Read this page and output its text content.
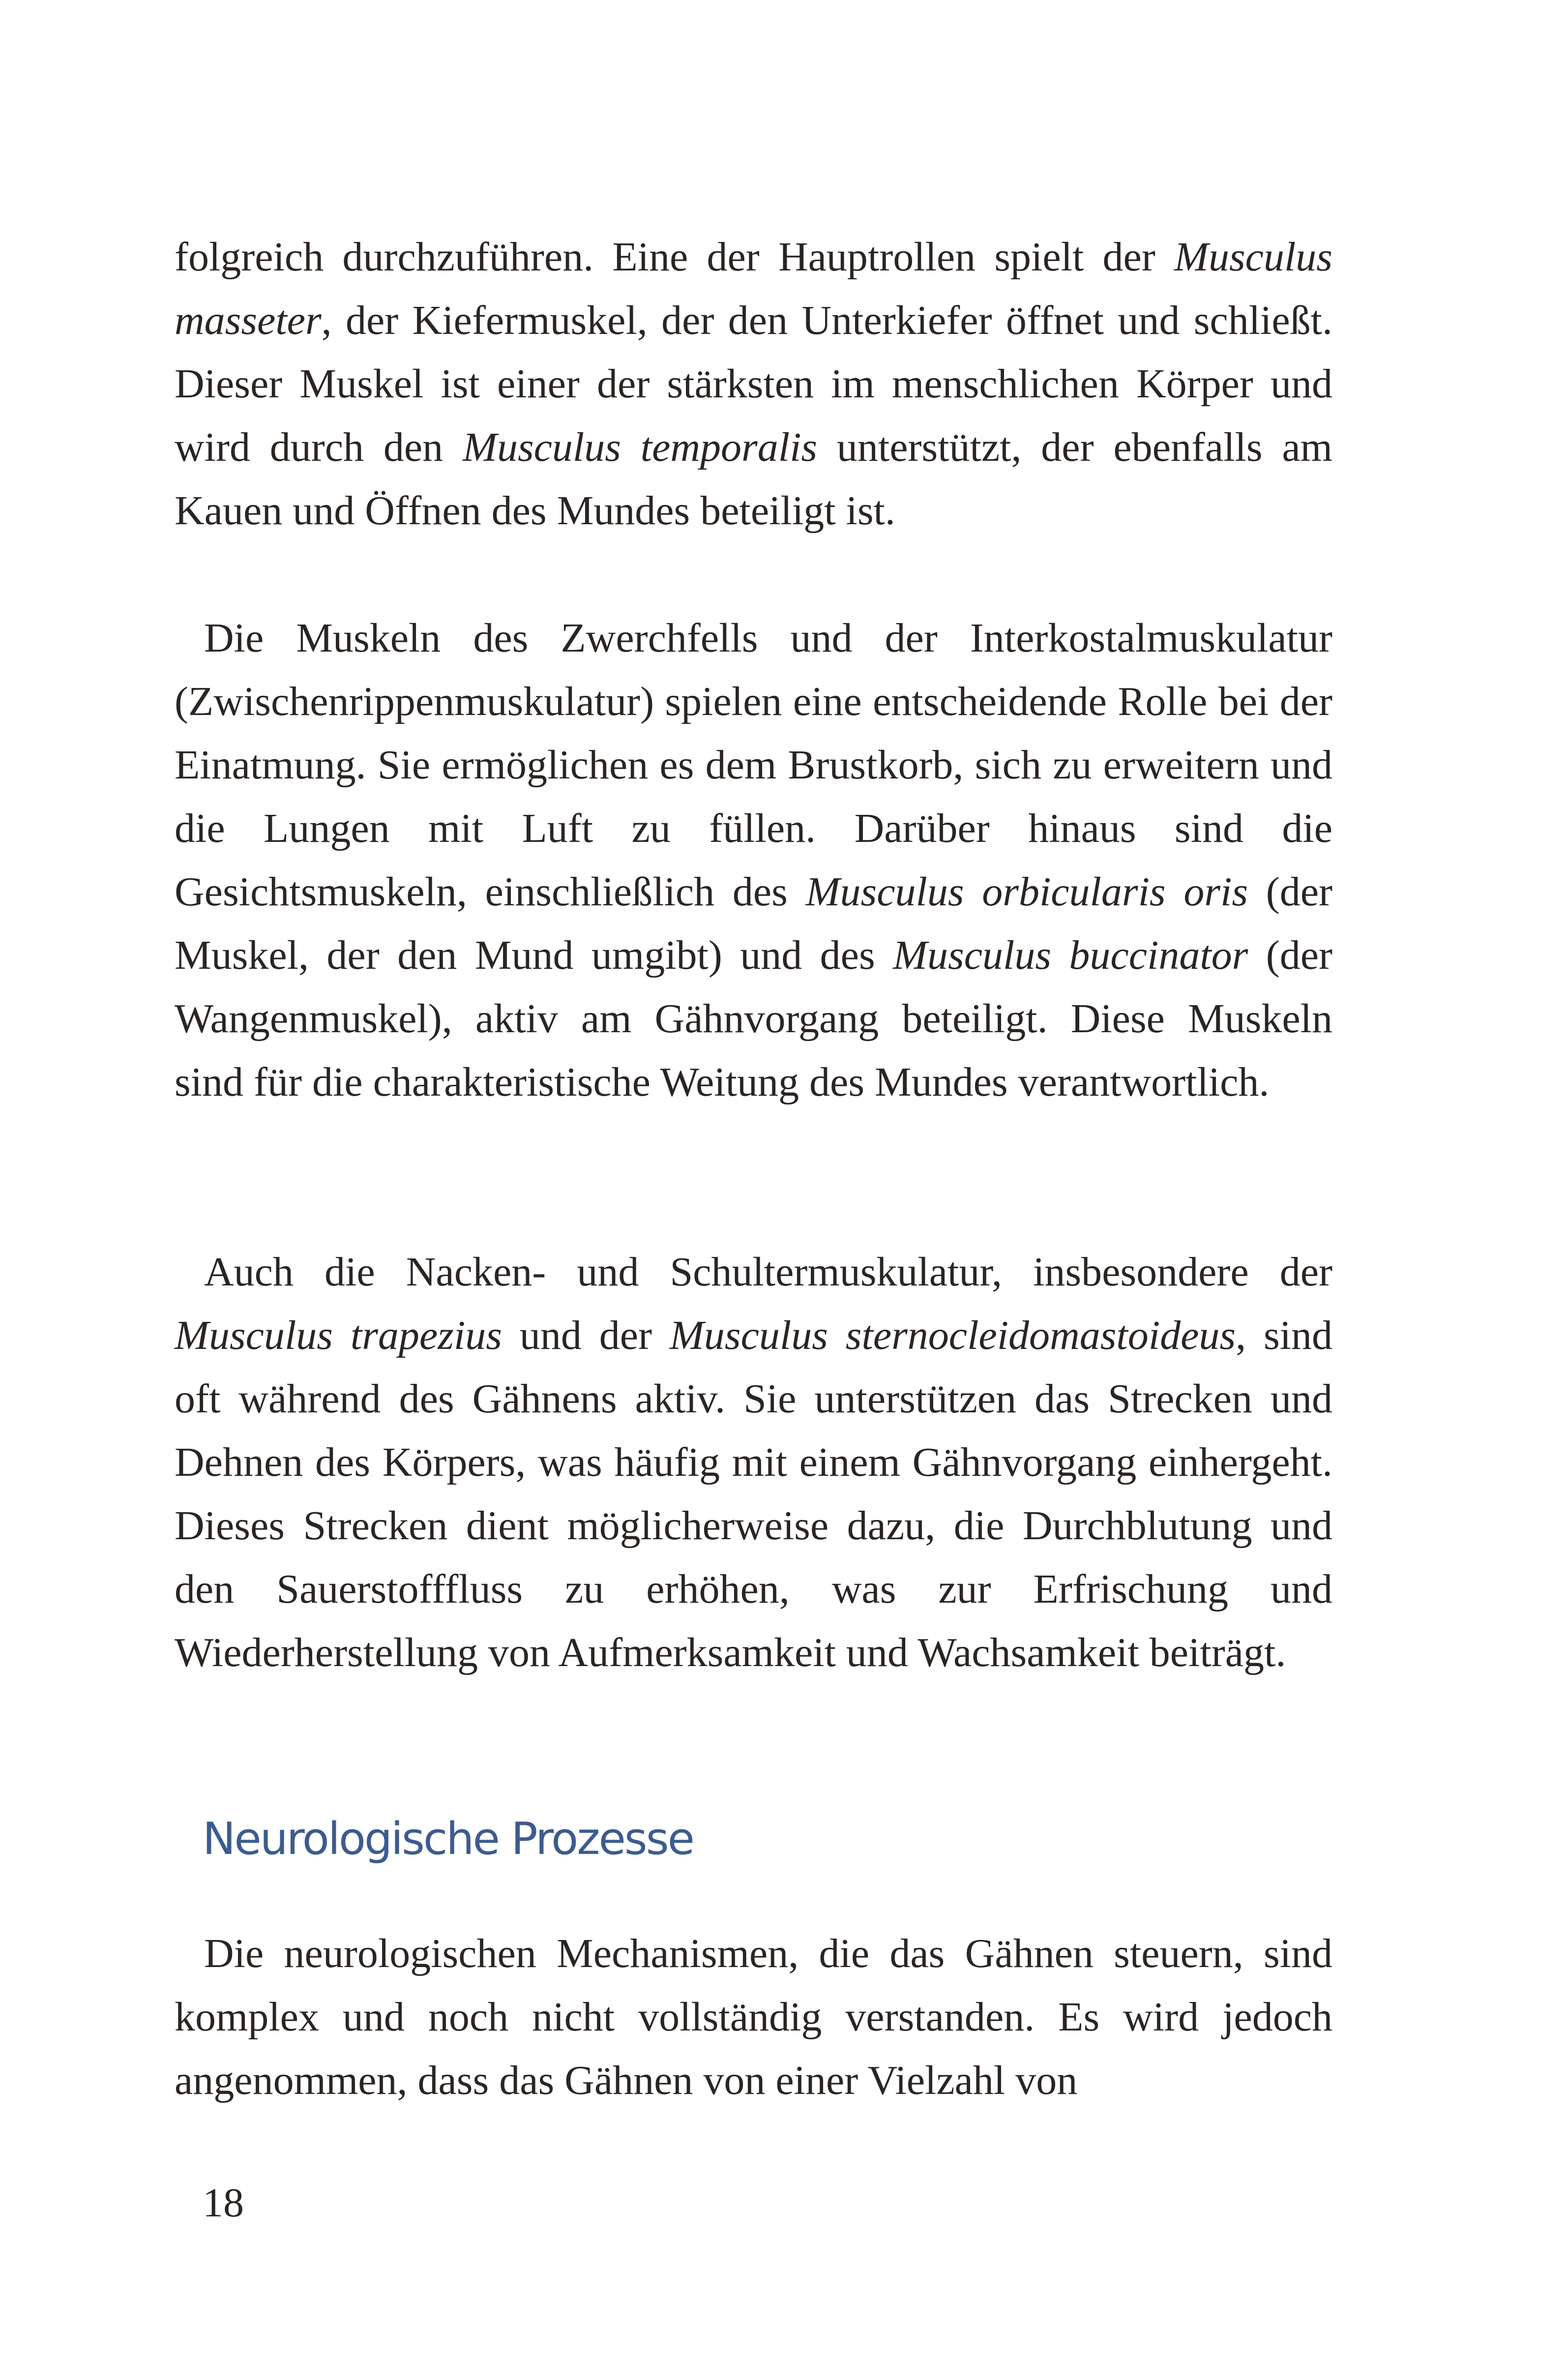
folgreich durchzuführen. Eine der Hauptrollen spielt der Musculus masseter, der Kiefermuskel, der den Unterkiefer öffnet und schließt. Dieser Muskel ist einer der stärksten im menschlichen Körper und wird durch den Musculus temporalis unterstützt, der ebenfalls am Kauen und Öffnen des Mundes beteiligt ist.

Die Muskeln des Zwerchfells und der Interkostalmuskulatur (Zwischenrippenmuskulatur) spielen eine entscheidende Rolle bei der Einatmung. Sie ermöglichen es dem Brustkorb, sich zu erweitern und die Lungen mit Luft zu füllen. Darüber hinaus sind die Gesichtsmuskeln, einschließlich des Musculus orbicularis oris (der Muskel, der den Mund umgibt) und des Musculus buccinator (der Wangenmuskel), aktiv am Gähnvorgang beteiligt. Diese Muskeln sind für die charakteristische Weitung des Mundes verantwortlich.

Auch die Nacken- und Schultermuskulatur, insbesondere der Musculus trapezius und der Musculus sternocleidomastoideus, sind oft während des Gähnens aktiv. Sie unterstützen das Strecken und Dehnen des Körpers, was häufig mit einem Gähnvorgang einhergeht. Dieses Strecken dient möglicherweise dazu, die Durchblutung und den Sauerstofffluss zu erhöhen, was zur Erfrischung und Wiederherstellung von Aufmerksamkeit und Wachsamkeit beiträgt.

Neurologische Prozesse

Die neurologischen Mechanismen, die das Gähnen steuern, sind komplex und noch nicht vollständig verstanden. Es wird jedoch angenommen, dass das Gähnen von einer Vielzahl von

18
